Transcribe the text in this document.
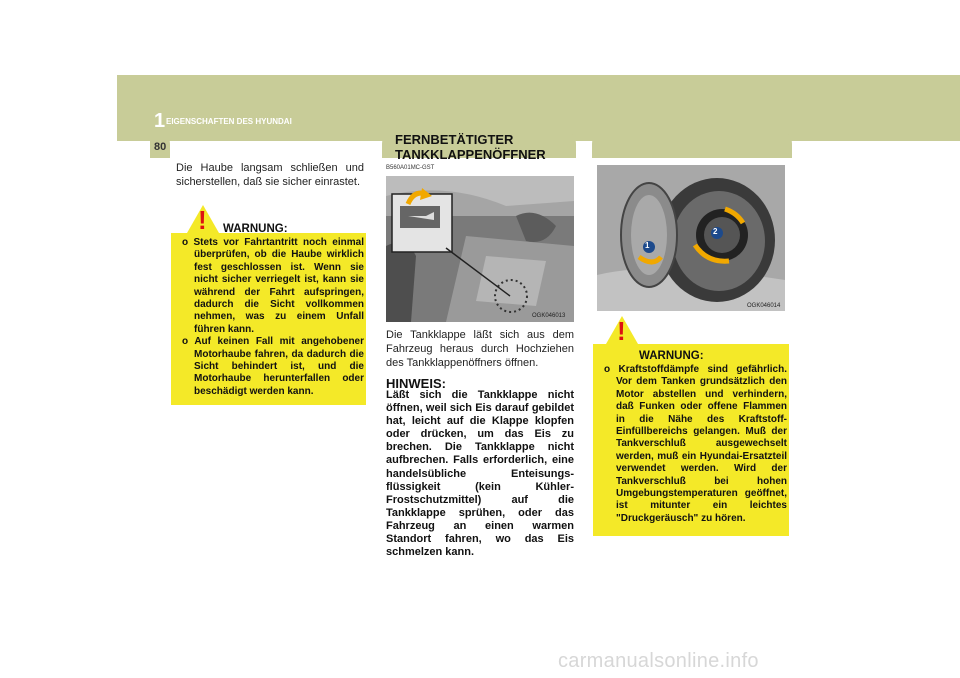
1 EIGENSCHAFTEN DES HYUNDAI
80
Die Haube langsam schließen und sicherstellen, daß sie sicher einrastet.
! WARNUNG:
o Stets vor Fahrtantritt noch einmal überprüfen, ob die Haube wirklich fest geschlossen ist. Wenn sie nicht sicher verriegelt ist, kann sie während der Fahrt aufspringen, dadurch die Sicht vollkommen nehmen, was zu einem Unfall führen kann.
o Auf keinen Fall mit angehobener Motorhaube fahren, da dadurch die Sicht behindert ist, und die Motorhaube herunterfallen oder beschädigt werden kann.
FERNBETÄTIGTER TANKKLAPPENÖFFNER
B560A01MC-GST
OGK046013
Die Tankklappe läßt sich aus dem Fahrzeug heraus durch Hochziehen des Tankklappenöffners öffnen.
HINWEIS:
Läßt sich die Tankklappe nicht öffnen, weil sich Eis darauf gebildet hat, leicht auf die Klappe klopfen oder drücken, um das Eis zu brechen. Die Tankklappe nicht aufbrechen. Falls erforderlich, eine handelsübliche Enteisungs-flüssigkeit (kein Kühler-Frostschutzmittel) auf die Tankklappe sprühen, oder das Fahrzeug an einen warmen Standort fahren, wo das Eis schmelzen kann.
1
2
OGK046014
!
WARNUNG:
o Kraftstoffdämpfe sind gefährlich. Vor dem Tanken grundsätzlich den Motor abstellen und verhindern, daß Funken oder offene Flammen in die Nähe des Kraftstoff-Einfüllbereichs gelangen. Muß der Tankverschluß ausgewechselt werden, muß ein Hyundai-Ersatzteil verwendet werden. Wird der Tankverschluß bei hohen Umgebungstemperaturen geöffnet, ist mitunter ein leichtes "Druckgeräusch" zu hören.
carmanualsonline.info
